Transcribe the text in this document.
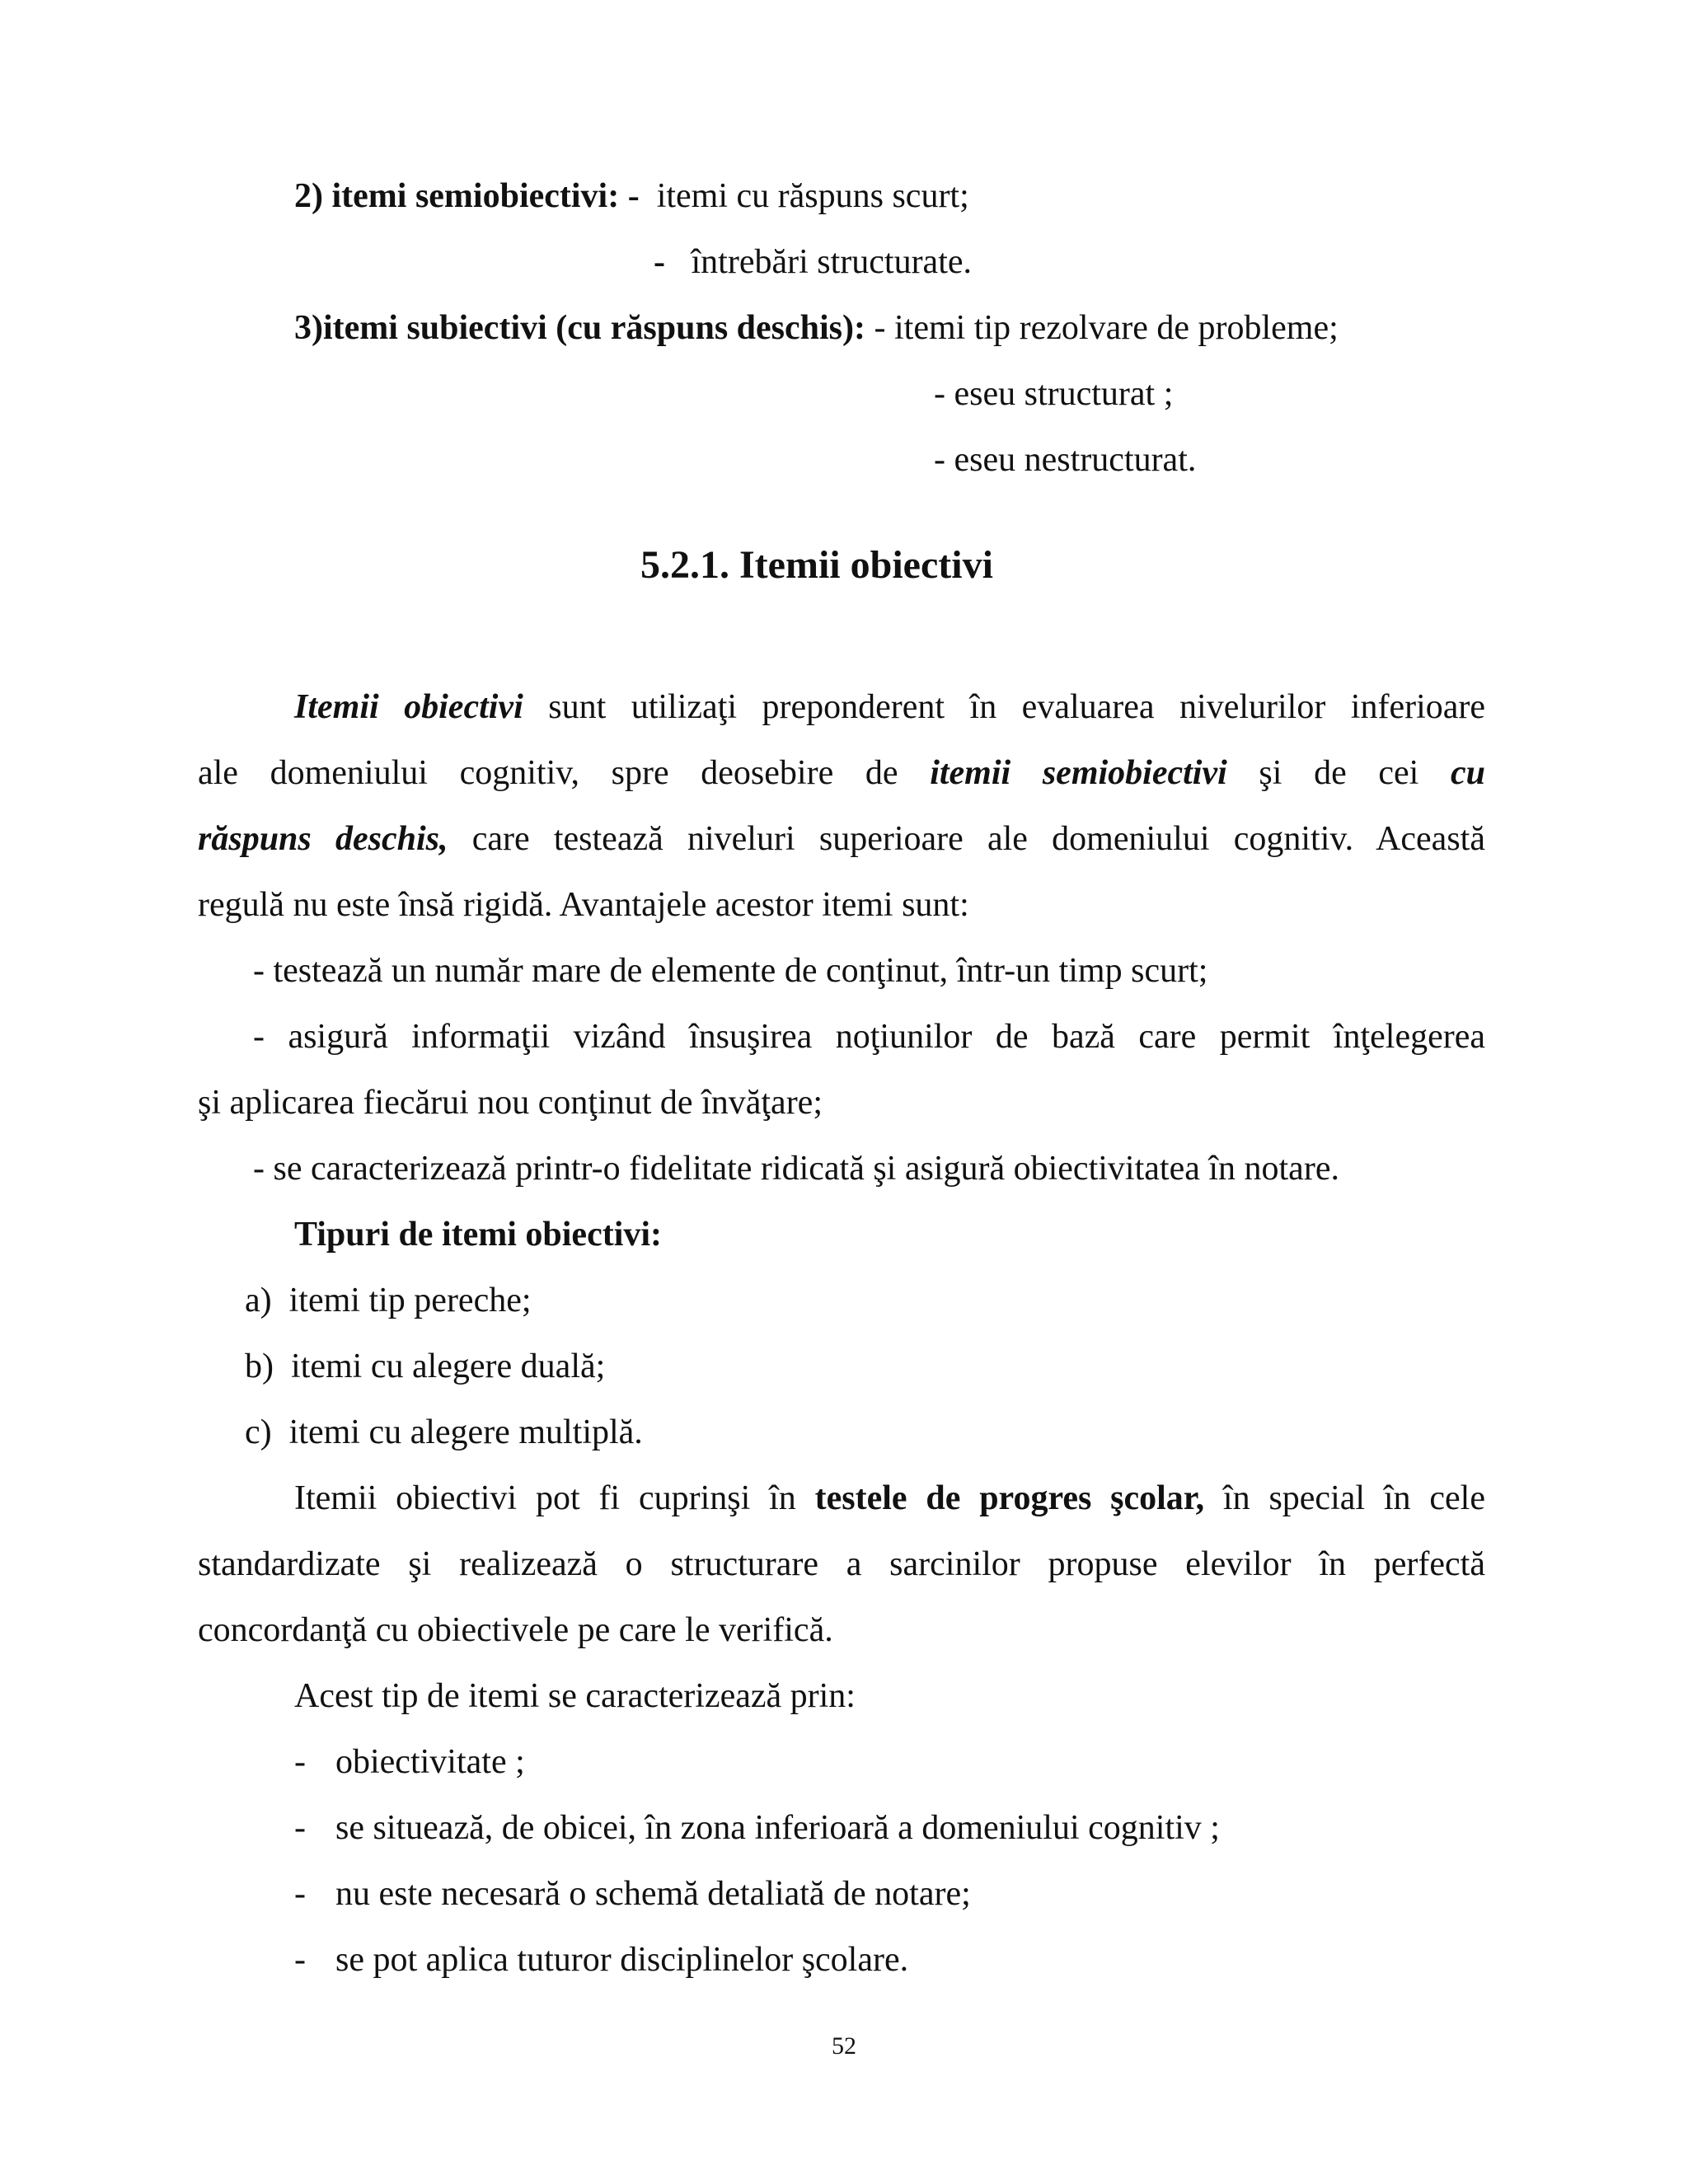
2) itemi semiobiectivi: - itemi cu răspuns scurt;
- întrebări structurate.
3)itemi subiectivi (cu răspuns deschis): - itemi tip rezolvare de probleme;
- eseu structurat ;
- eseu nestructurat.
5.2.1. Itemii obiectivi
Itemii obiectivi sunt utilizaţi preponderent în evaluarea nivelurilor inferioare
ale domeniului cognitiv, spre deosebire de itemii semiobiectivi şi de cei cu
răspuns deschis, care testează niveluri superioare ale domeniului cognitiv. Această
regulă nu este însă rigidă. Avantajele acestor itemi sunt:
- testează un număr mare de elemente de conţinut, într-un timp scurt;
- asigură informaţii vizând însuşirea noţiunilor de bază care permit înţelegerea
şi aplicarea fiecărui nou conţinut de învăţare;
- se caracterizează printr-o fidelitate ridicată şi asigură obiectivitatea în notare.
Tipuri de itemi obiectivi:
a) itemi tip pereche;
b) itemi cu alegere duală;
c) itemi cu alegere multiplă.
Itemii obiectivi pot fi cuprinşi în testele de progres şcolar, în special în cele
standardizate şi realizează o structurare a sarcinilor propuse elevilor în perfectă
concordanţă cu obiectivele pe care le verifică.
Acest tip de itemi se caracterizează prin:
- obiectivitate ;
- se situează, de obicei, în zona inferioară a domeniului cognitiv ;
- nu este necesară o schemă detaliată de notare;
- se pot aplica tuturor disciplinelor şcolare.
52
